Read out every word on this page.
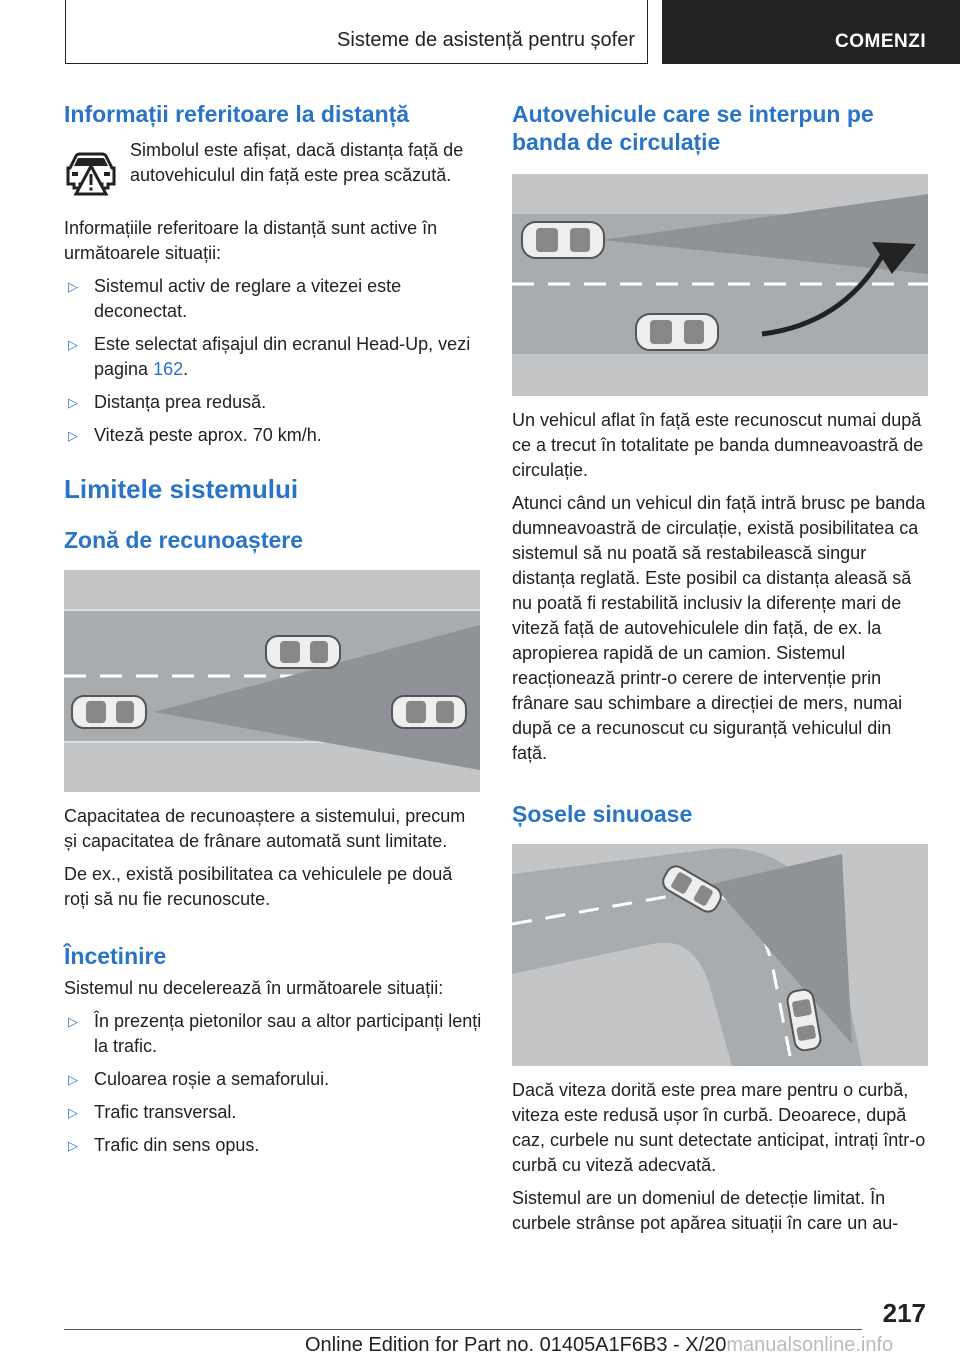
Sisteme de asistență pentru șofer	COMENZI
Informații referitoare la distanță

Simbolul este afișat, dacă distanța față de autovehiculul din față este prea scăzută.

Informațiile referitoare la distanță sunt active în următoarele situații:

▷ Sistemul activ de reglare a vitezei este deconectat.
▷ Este selectat afișajul din ecranul Head-Up, vezi pagina 162.
▷ Distanța prea redusă.
▷ Viteză peste aprox. 70 km/h.
Limitele sistemului
Zonă de recunoaștere

Capacitatea de recunoaștere a sistemului, precum și capacitatea de frânare automată sunt limitate.

De ex., există posibilitatea ca vehiculele pe două roți să nu fie recunoscute.

Încetinire

Sistemul nu decelerează în următoarele situații:

▷ În prezența pietonilor sau a altor participanți lenți la trafic.
▷ Culoarea roșie a semaforului.
▷ Trafic transversal.
▷ Trafic din sens opus.
Autovehicule care se interpun pe banda de circulație

Un vehicul aflat în față este recunoscut numai după ce a trecut în totalitate pe banda dumneavoastră de circulație.

Atunci când un vehicul din față intră brusc pe banda dumneavoastră de circulație, există posibilitatea ca sistemul să nu poată să restabilească singur distanța reglată. Este posibil ca distanța aleasă să nu poată fi restabilită inclusiv la diferențe mari de viteză față de autovehiculele din față, de ex. la apropierea rapidă de un camion. Sistemul reacționează printr-o cerere de intervenție prin frânare sau schimbare a direcției de mers, numai după ce a recunoscut cu siguranță vehiculul din față.

Șosele sinuoase

Dacă viteza dorită este prea mare pentru o curbă, viteza este redusă ușor în curbă. Deoarece, după caz, curbele nu sunt detectate anticipat, intrați într-o curbă cu viteză adecvată.

Sistemul are un domeniul de detecție limitat. În curbele strânse pot apărea situații în care un au-

217
Online Edition for Part no. 01405A1F6B3 - X/20manualsonline.info
